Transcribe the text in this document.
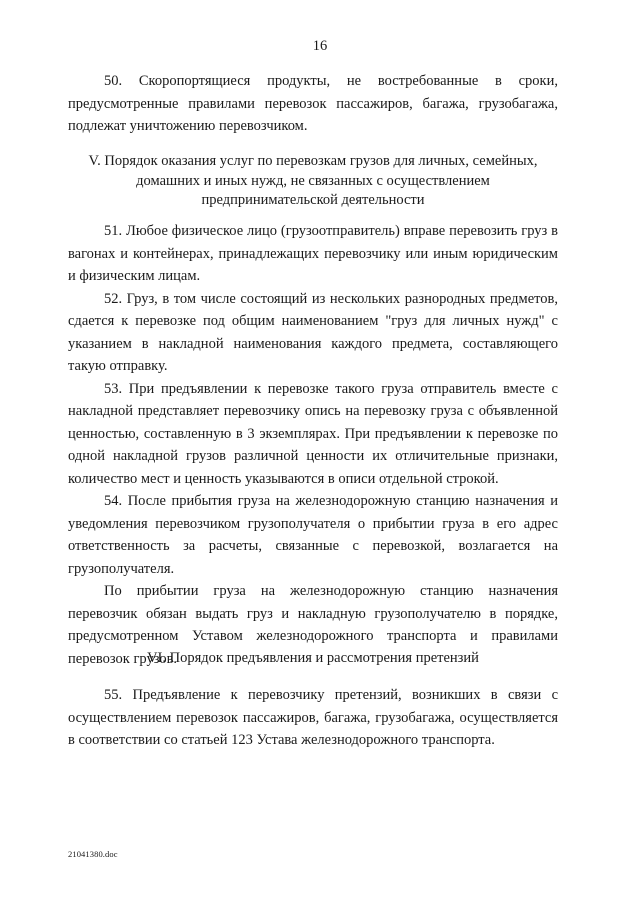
16

50. Скоропортящиеся продукты, не востребованные в сроки, предусмотренные правилами перевозок пассажиров, багажа, грузобагажа, подлежат уничтожению перевозчиком.

V. Порядок оказания услуг по перевозкам грузов для личных, семейных,
домашних и иных нужд, не связанных с осуществлением
предпринимательской деятельности

51. Любое физическое лицо (грузоотправитель) вправе перевозить груз в вагонах и контейнерах, принадлежащих перевозчику или иным юридическим и физическим лицам.

52. Груз, в том числе состоящий из нескольких разнородных предметов, сдается к перевозке под общим наименованием "груз для личных нужд" с указанием в накладной наименования каждого предмета, составляющего такую отправку.

53. При предъявлении к перевозке такого груза отправитель вместе с накладной представляет перевозчику опись на перевозку груза с объявленной ценностью, составленную в 3 экземплярах. При предъявлении к перевозке по одной накладной грузов различной ценности их отличительные признаки, количество мест и ценность указываются в описи отдельной строкой.

54. После прибытия груза на железнодорожную станцию назначения и уведомления перевозчиком грузополучателя о прибытии груза в его адрес ответственность за расчеты, связанные с перевозкой, возлагается на грузополучателя.

По прибытии груза на железнодорожную станцию назначения перевозчик обязан выдать груз и накладную грузополучателю в порядке, предусмотренном Уставом железнодорожного транспорта и правилами перевозок грузов.

VI. Порядок предъявления и рассмотрения претензий

55. Предъявление к перевозчику претензий, возникших в связи с осуществлением перевозок пассажиров, багажа, грузобагажа, осуществляется в соответствии со статьей 123 Устава железнодорожного транспорта.

21041380.doc
